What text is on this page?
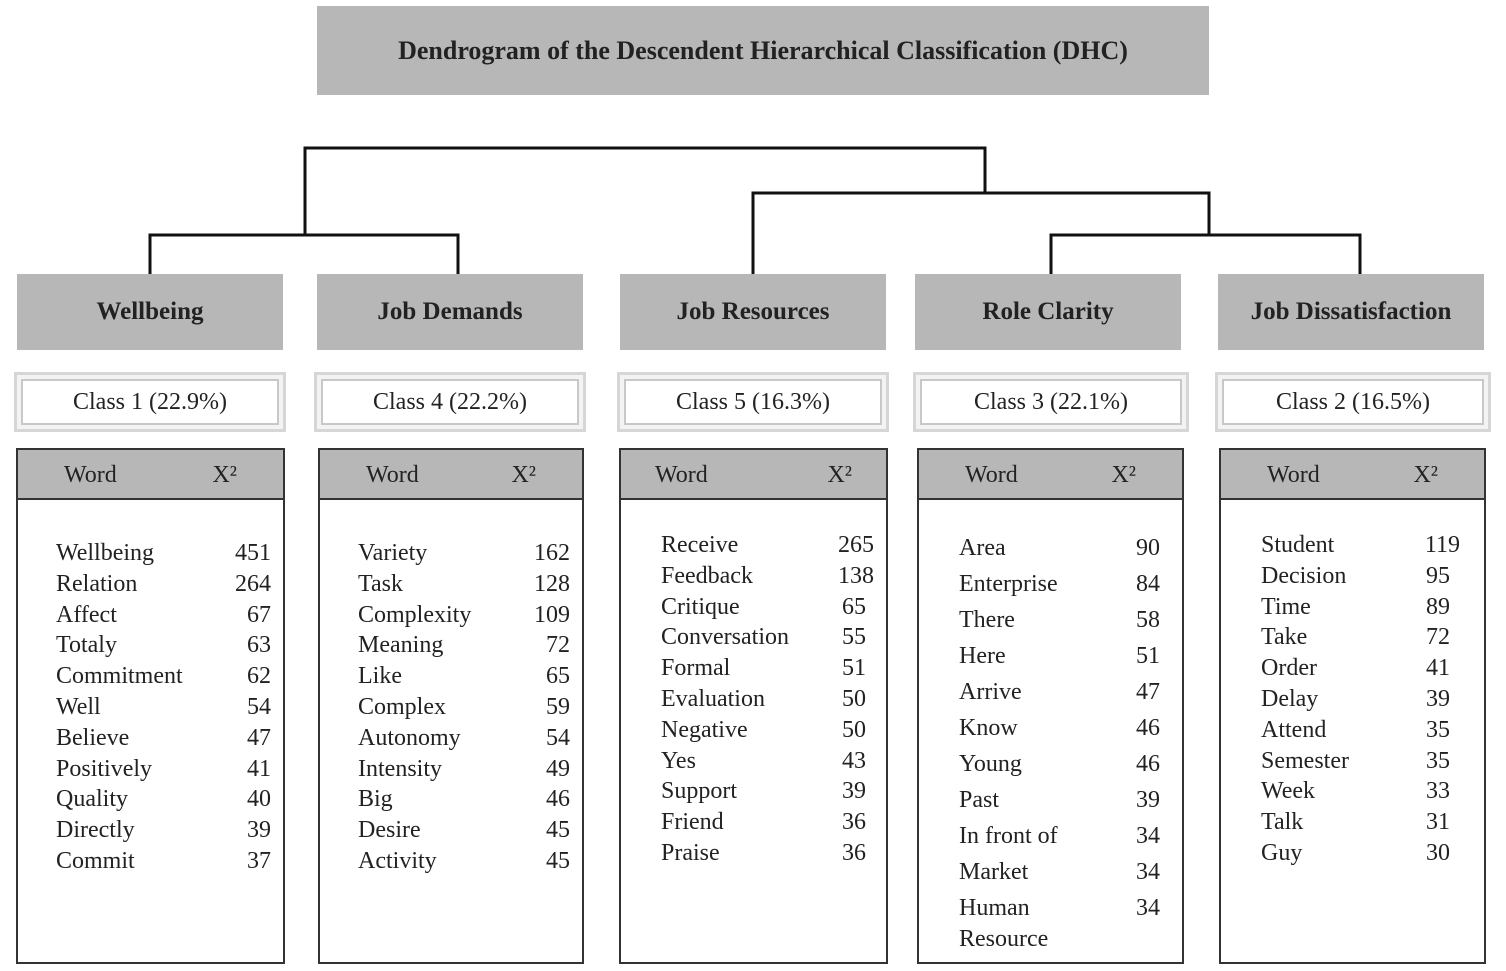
Dendrogram of the Descendent Hierarchical Classification (DHC)
Wellbeing
Class 1 (22.9%)
Word	X²
Wellbeing	451

Relation	264

Affect	67

Totaly	63

Commitment	62

Well	54

Believe	47

Positively	41

Quality	40

Directly	39

Commit	37

Job Demands
Class 4 (22.2%)
Word	X²
Variety	162

Task	128

Complexity	109

Meaning	72

Like	65

Complex	59

Autonomy	54

Intensity	49

Big	46

Desire	45

Activity	45

Job Resources
Class 5 (16.3%)
Word	X²
Receive	265

Feedback	138

Critique	65

Conversation 55

Formal	51

Evaluation	50

Negative	50

Yes	43

Support	39

Friend	36

Praise	36

Role Clarity
Class 3 (22.1%)
Word	X²
Area	90

Enterprise	84

There	58

Here	51

Arrive	47

Know	46

Young	46

Past	39

In front of	34

Market	34

Human	34

Resource

Job Dissatisfaction
Class 2 (16.5%)
Word	X²
Student	119

Decision	95

Time	89

Take	72

Order	41

Delay	39

Attend	35

Semester	35

Week	33

Talk	31

Guy	30
